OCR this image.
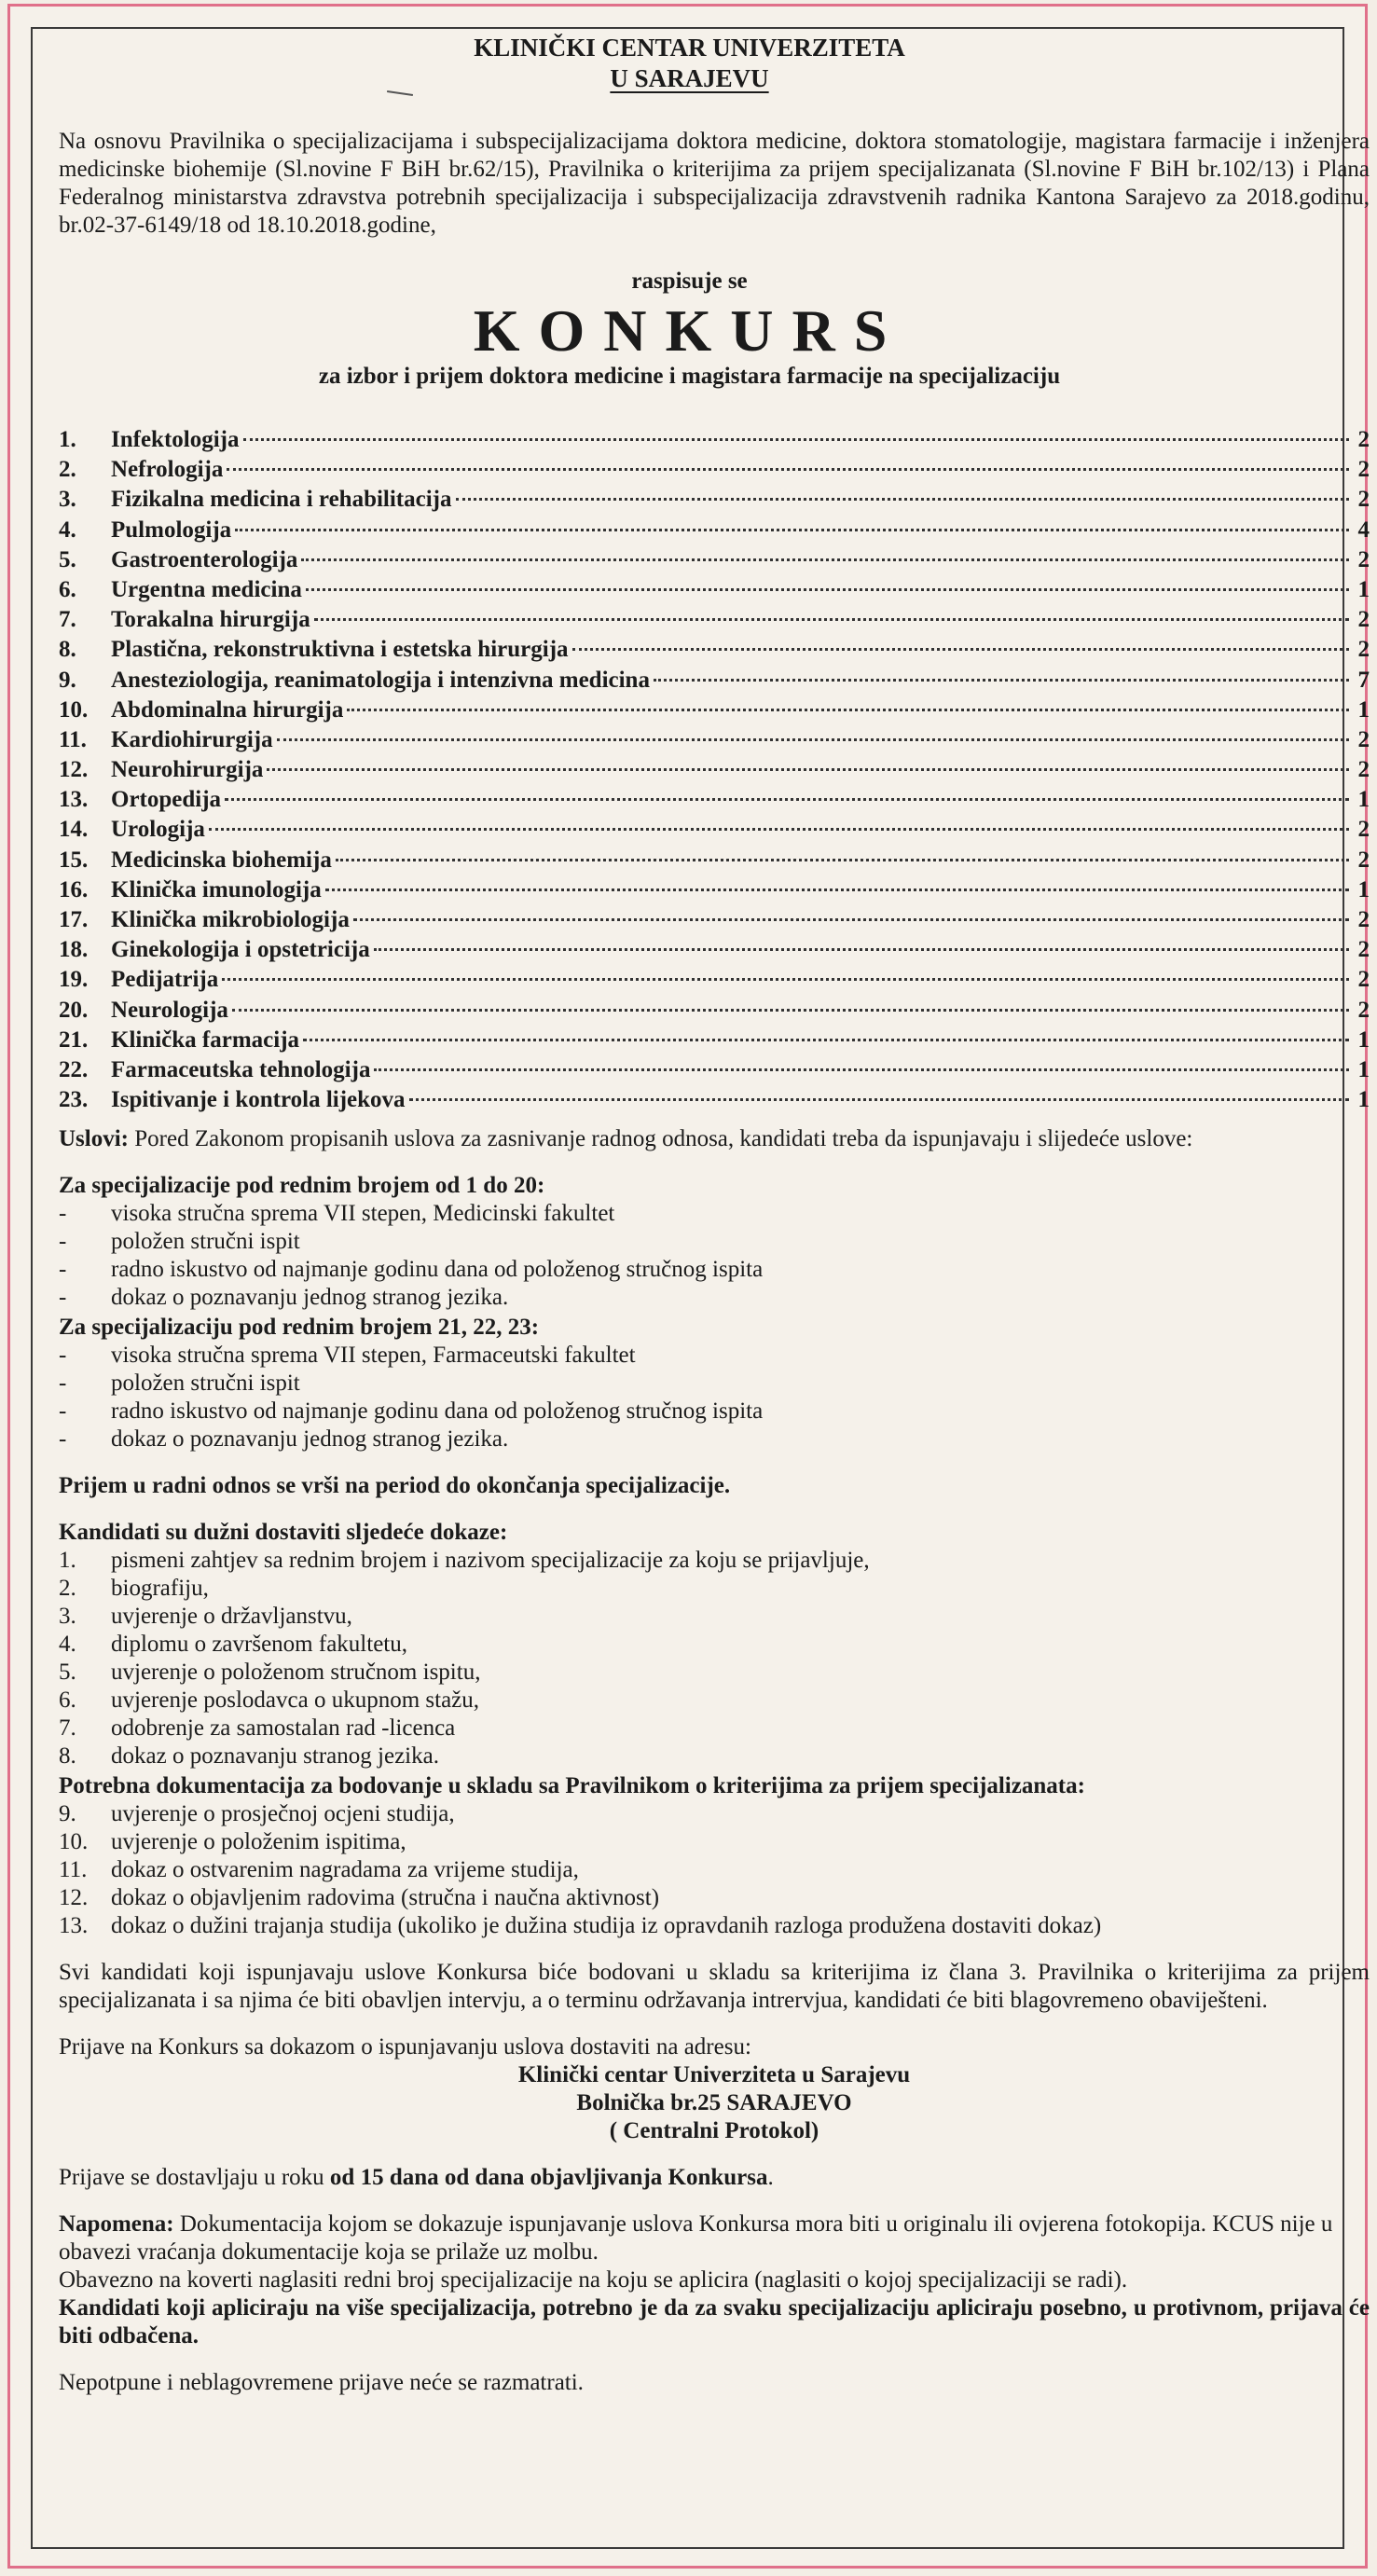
KLINIČKI CENTAR UNIVERZITETA
U SARAJEVU
Na osnovu Pravilnika o specijalizacijama i subspecijalizacijama doktora medicine, doktora stomatologije, magistara farmacije i inženjera medicinske biohemije (Sl.novine F BiH br.62/15), Pravilnika o kriterijima za prijem specijalizanata (Sl.novine F BiH br.102/13) i Plana Federalnog ministarstva zdravstva potrebnih specijalizacija i subspecijalizacija zdravstvenih radnika Kantona Sarajevo za 2018.godinu, br.02-37-6149/18 od 18.10.2018.godine,
raspisuje se
KONKURS
za izbor i prijem doktora medicine i magistara farmacije na specijalizaciju
1.	Infektologija	2
2.	Nefrologija	2
3.	Fizikalna medicina i rehabilitacija	2
4.	Pulmologija	4
5.	Gastroenterologija	2
6.	Urgentna medicina	1
7.	Torakalna hirurgija	2
8.	Plastična, rekonstruktivna i estetska hirurgija	2
9.	Anesteziologija, reanimatologija i intenzivna medicina	7
10. Abdominalna hirurgija	1
11.	Kardiohirurgija	2
12. Neurohirurgija	2
13. Ortopedija	1
14. Urologija	2
15. Medicinska biohemija	2
16. Klinička imunologija	1
17. Klinička mikrobiologija	2
18. Ginekologija i opstetricija	2
19. Pedijatrija	2
20. Neurologija	2
21. Klinička farmacija	1
22. Farmaceutska tehnologija	1
23. Ispitivanje i kontrola lijekova	1
Uslovi: Pored Zakonom propisanih uslova za zasnivanje radnog odnosa, kandidati treba da ispunjavaju i slijedeće uslove:
Za specijalizacije pod rednim brojem od 1 do 20:
-	visoka stručna sprema VII stepen, Medicinski fakultet
-	položen stručni ispit
-	radno iskustvo od najmanje godinu dana od položenog stručnog ispita
-	dokaz o poznavanju jednog stranog jezika.
Za specijalizaciju pod rednim brojem 21, 22, 23:
-	visoka stručna sprema VII stepen, Farmaceutski fakultet
-	položen stručni ispit
-	radno iskustvo od najmanje godinu dana od položenog stručnog ispita
-	dokaz o poznavanju jednog stranog jezika.
Prijem u radni odnos se vrši na period do okončanja specijalizacije.
Kandidati su dužni dostaviti sljedeće dokaze:
1.	pismeni zahtjev sa rednim brojem i nazivom specijalizacije za koju se prijavljuje,
2.	biografiju,
3.	uvjerenje o državljanstvu,
4.	diplomu o završenom fakultetu,
5.	uvjerenje o položenom stručnom ispitu,
6.	uvjerenje poslodavca o ukupnom stažu,
7.	odobrenje za samostalan rad -licenca
8.	dokaz o poznavanju stranog jezika.
Potrebna dokumentacija za bodovanje u skladu sa Pravilnikom o kriterijima za prijem specijalizanata:
9.	uvjerenje o prosječnoj ocjeni studija,
10. uvjerenje o položenim ispitima,
11.	dokaz o ostvarenim nagradama za vrijeme studija,
12. dokaz o objavljenim radovima (stručna i naučna aktivnost)
13. dokaz o dužini trajanja studija (ukoliko je dužina studija iz opravdanih razloga produžena dostaviti dokaz)
Svi kandidati koji ispunjavaju uslove Konkursa biće bodovani u skladu sa kriterijima iz člana 3. Pravilnika o kriterijima za prijem specijalizanata i sa njima će biti obavljen intervju, a o terminu održavanja intrervjua, kandidati će biti blagovremeno obaviješteni.
Prijave na Konkurs sa dokazom o ispunjavanju uslova dostaviti na adresu:
Klinički centar Univerziteta u Sarajevu
Bolnička br.25 SARAJEVO
( Centralni Protokol)
Prijave se dostavljaju u roku od 15 dana od dana objavljivanja Konkursa.
Napomena: Dokumentacija kojom se dokazuje ispunjavanje uslova Konkursa mora biti u originalu ili ovjerena fotokopija. KCUS nije u obavezi vraćanja dokumentacije koja se prilaže uz molbu.
Obavezno na koverti naglasiti redni broj specijalizacije na koju se aplicira (naglasiti o kojoj specijalizaciji se radi).
Kandidati koji apliciraju na više specijalizacija, potrebno je da za svaku specijalizaciju apliciraju posebno, u protivnom, prijava će biti odbačena.
Nepotpune i neblagovremene prijave neće se razmatrati.
